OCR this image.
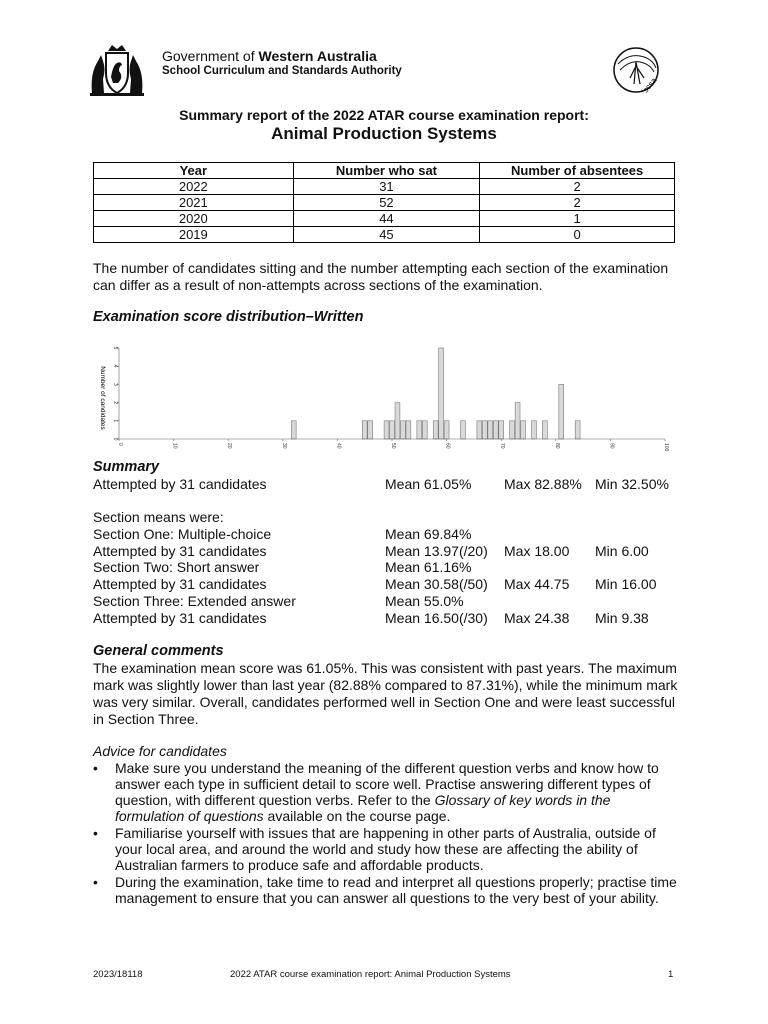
Government of Western Australia
School Curriculum and Standards Authority
scsa
Summary report of the 2022 ATAR course examination report:
Animal Production Systems
Year	Number who sat	Number of absentees
2022	31	2
2021	52	2
2020	44	1
2019	45	0
The number of candidates sitting and the number attempting each section of the examination can differ as a result of non-attempts across sections of the examination.
Examination score distribution–Written
0	10	20	30	40	50	60	70	80	90	100
0
1
2
3
4
5
Number of candidates
Summary
Attempted by 31 candidates	Mean 61.05% Max 82.88% Min 32.50%
Section means were:
Section One: Multiple-choice	Mean 69.84%
Attempted by 31 candidates	Mean 13.97(/20) Max 18.00 Min 6.00
Section Two: Short answer	Mean 61.16%
Attempted by 31 candidates	Mean 30.58(/50) Max 44.75 Min 16.00
Section Three: Extended answer	Mean 55.0%
Attempted by 31 candidates	Mean 16.50(/30) Max 24.38 Min 9.38
General comments
The examination mean score was 61.05%. This was consistent with past years. The maximum mark was slightly lower than last year (82.88% compared to 87.31%), while the minimum mark was very similar. Overall, candidates performed well in Section One and were least successful in Section Three.
Advice for candidates
• Make sure you understand the meaning of the different question verbs and know how to answer each type in sufficient detail to score well. Practise answering different types of question, with different question verbs. Refer to the Glossary of key words in the formulation of questions available on the course page.
• Familiarise yourself with issues that are happening in other parts of Australia, outside of your local area, and around the world and study how these are affecting the ability of Australian farmers to produce safe and affordable products.
• During the examination, take time to read and interpret all questions properly; practise time management to ensure that you can answer all questions to the very best of your ability.
2023/18118	2022 ATAR course examination report: Animal Production Systems	1
